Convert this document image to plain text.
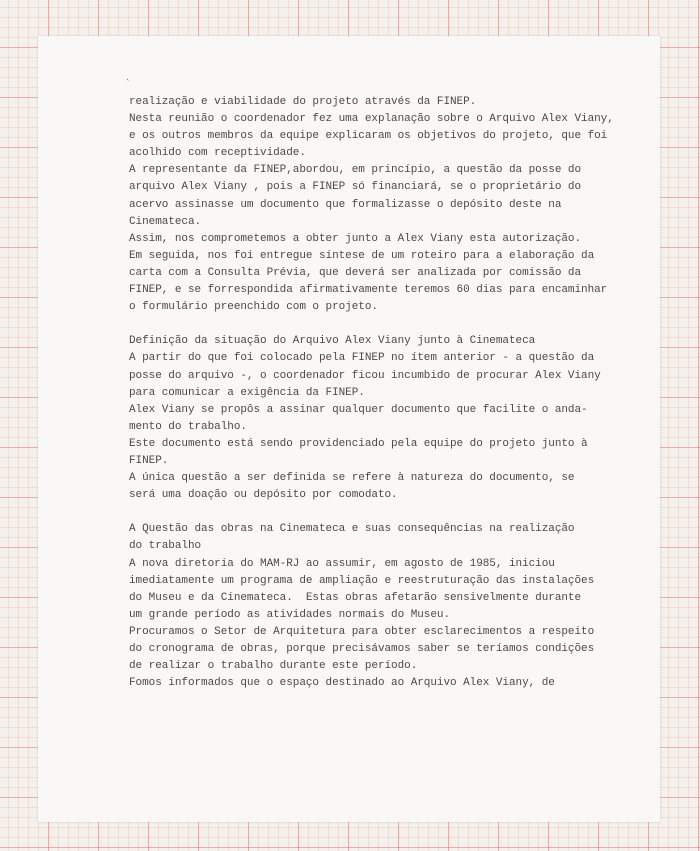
ˎ
realização e viabilidade do projeto através da FINEP.
Nesta reunião o coordenador fez uma explanação sobre o Arquivo Alex Viany,
e os outros membros da equipe explicaram os objetivos do projeto, que foi
acolhido com receptividade.
A representante da FINEP,abordou, em princípio, a questão da posse do
arquivo Alex Viany , pois a FINEP só financiará, se o proprietário do
acervo assinasse um documento que formalizasse o depósito deste na
Cinemateca.
Assim, nos comprometemos a obter junto a Alex Viany esta autorização.
Em seguida, nos foi entregue síntese de um roteiro para a elaboração da
carta com a Consulta Prévia, que deverá ser analizada por comissão da
FINEP, e se forrespondida afirmativamente teremos 60 dias para encaminhar
o formulário preenchido com o projeto.
Definição da situação do Arquivo Alex Viany junto à Cinemateca
A partir do que foi colocado pela FINEP no ítem anterior - a questão da
posse do arquivo -, o coordenador ficou incumbido de procurar Alex Viany
para comunicar a exigência da FINEP.
Alex Viany se propôs a assinar qualquer documento que facilite o anda-
mento do trabalho.
Este documento está sendo providenciado pela equipe do projeto junto à
FINEP.
A única questão a ser definida se refere à natureza do documento, se
será uma doação ou depósito por comodato.
A Questão das obras na Cinemateca e suas consequências na realização
do trabalho
A nova diretoria do MAM-RJ ao assumir, em agosto de 1985, iniciou
imediatamente um programa de ampliação e reestruturação das instalações
do Museu e da Cinemateca.  Estas obras afetarão sensivelmente durante
um grande período as atividades normais do Museu.
Procuramos o Setor de Arquitetura para obter esclarecimentos a respeito
do cronograma de obras, porque precisávamos saber se teríamos condições
de realizar o trabalho durante este período.
Fomos informados que o espaço destinado ao Arquivo Alex Viany, de
